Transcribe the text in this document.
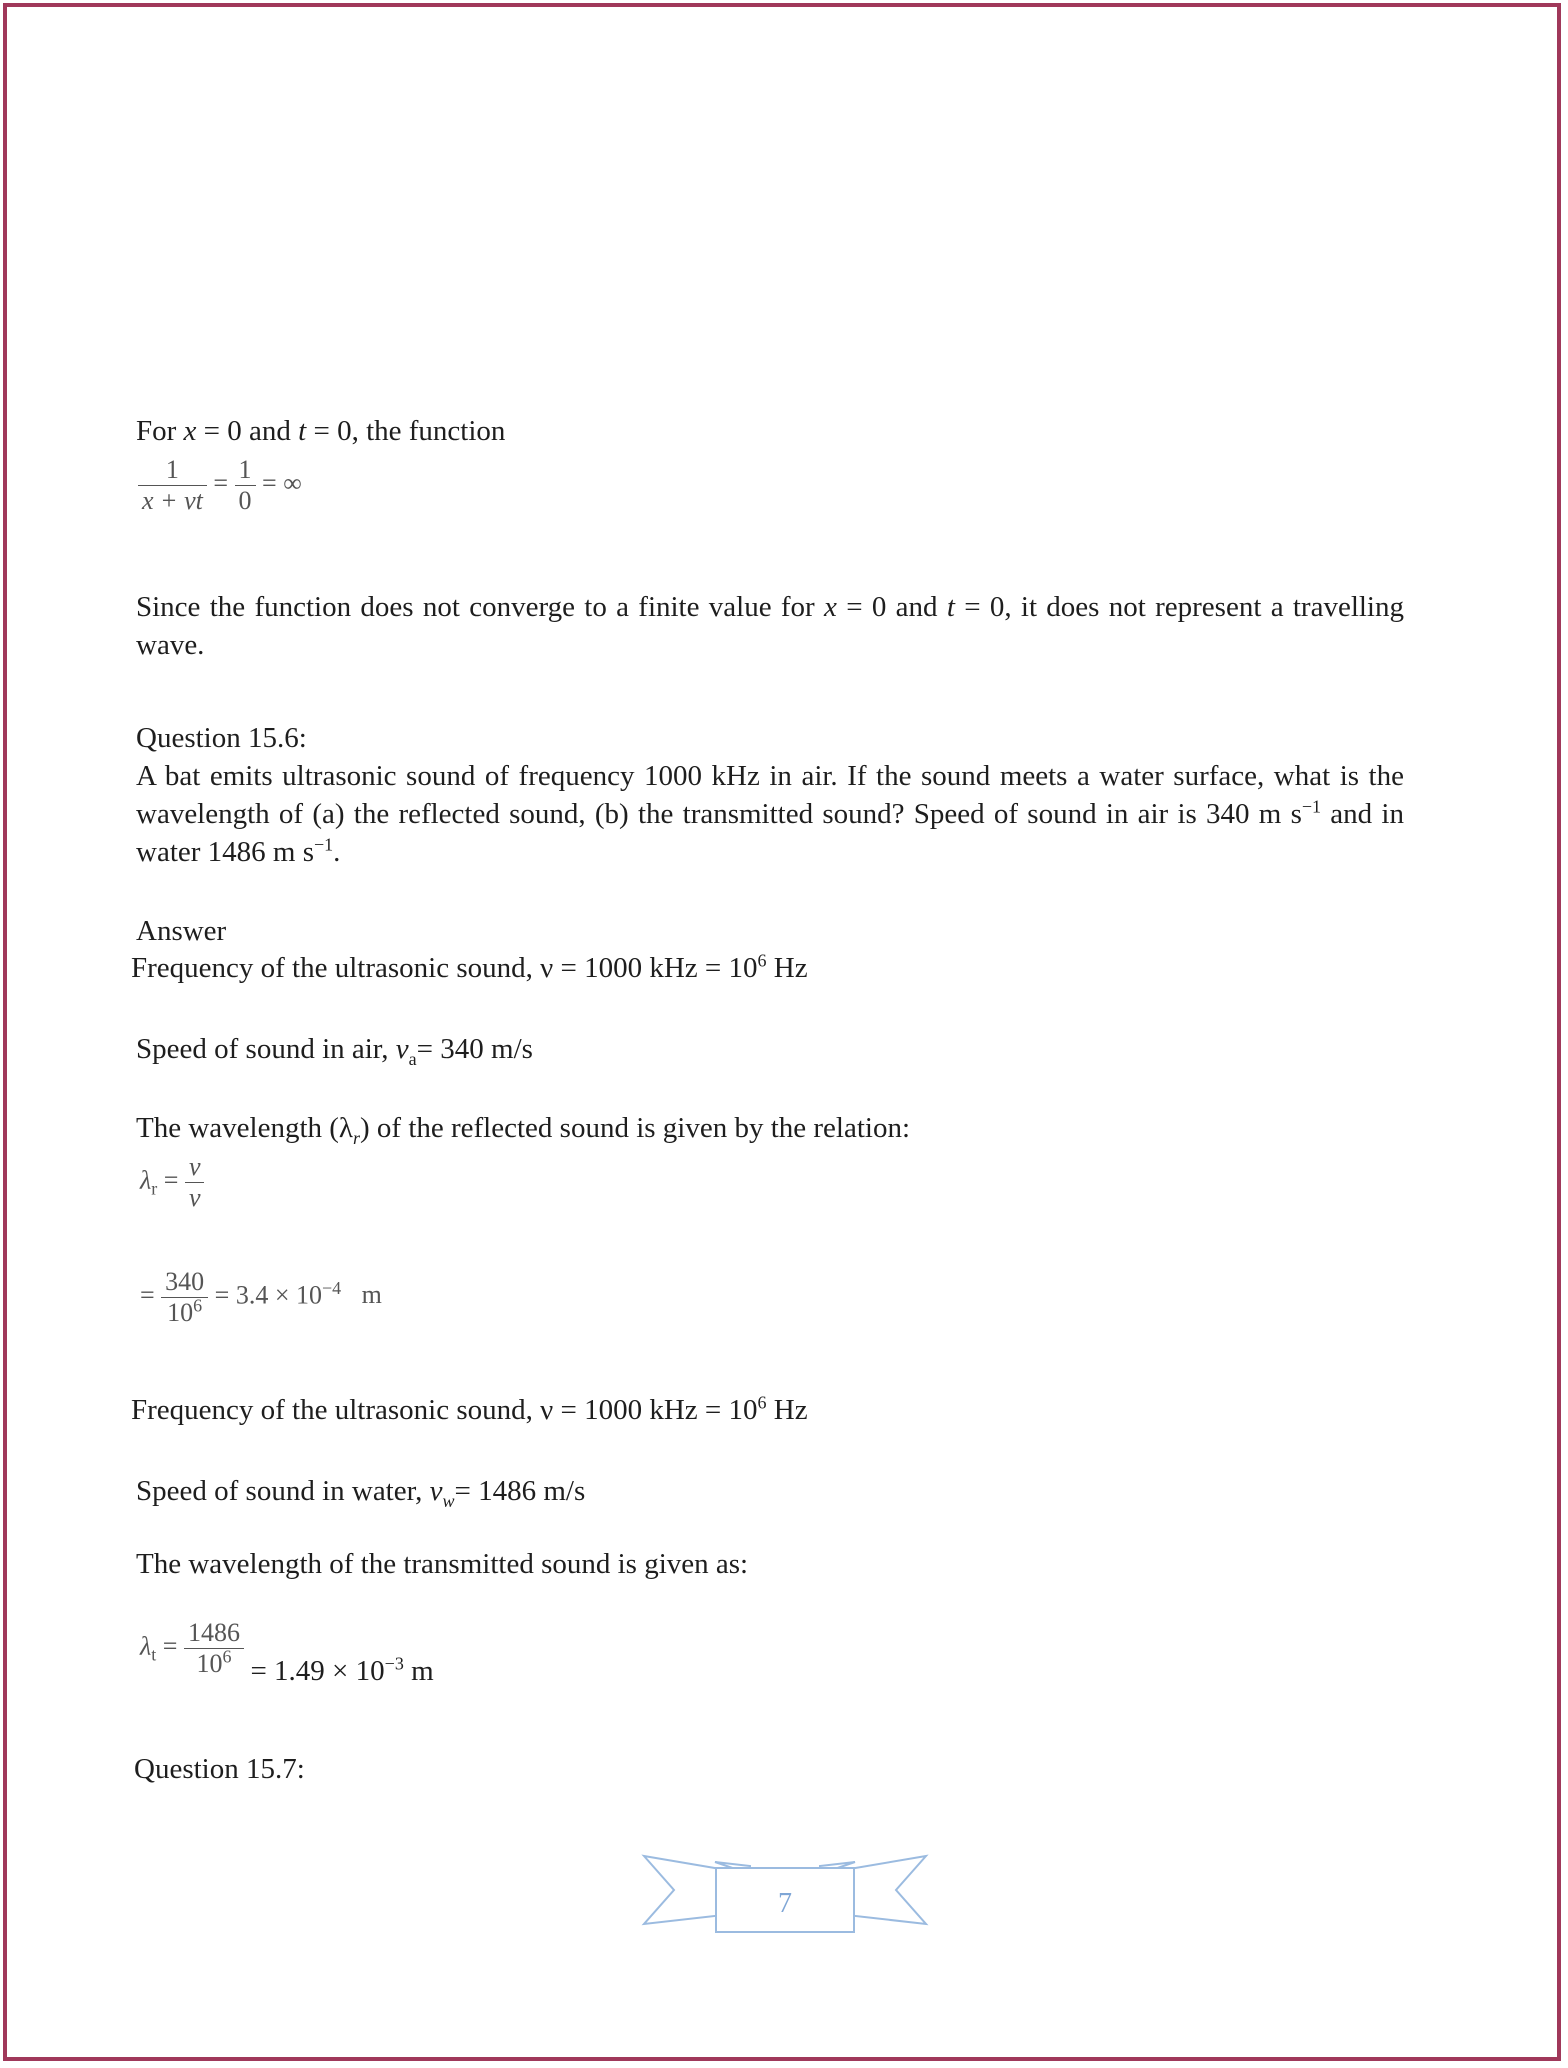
For x = 0 and t = 0, the function
$\frac{1}{x + vt} = \frac{1}{0}$ = ∞
Since the function does not converge to a finite value for x = 0 and t = 0, it does not represent a travelling wave.
Question 15.6:
A bat emits ultrasonic sound of frequency 1000 kHz in air. If the sound meets a water surface, what is the wavelength of (a) the reflected sound, (b) the transmitted sound? Speed of sound in air is 340 m $s^{-1}$ and in water 1486 m $s^{-1}$.
Answer
Frequency of the ultrasonic sound, ν = 1000 kHz = $10^6$ Hz
Speed of sound in air, $v_a= 340$ m/s
The wavelength $(\lambda_r)$ of the reflected sound is given by the relation:
$\lambda_r = \frac{v}{\nu}$
= $\frac{340}{10^6} = 3.4 \times 10^{-4}$ m
Frequency of the ultrasonic sound, ν = 1000 kHz = $10^6$ Hz
Speed of sound in water, $v_w= 1486$ m/s
The wavelength of the transmitted sound is given as:
$\lambda_t = \frac{1486}{10^6} = 1.49 \times 10^{-3}$ m
Question 15.7:
7
